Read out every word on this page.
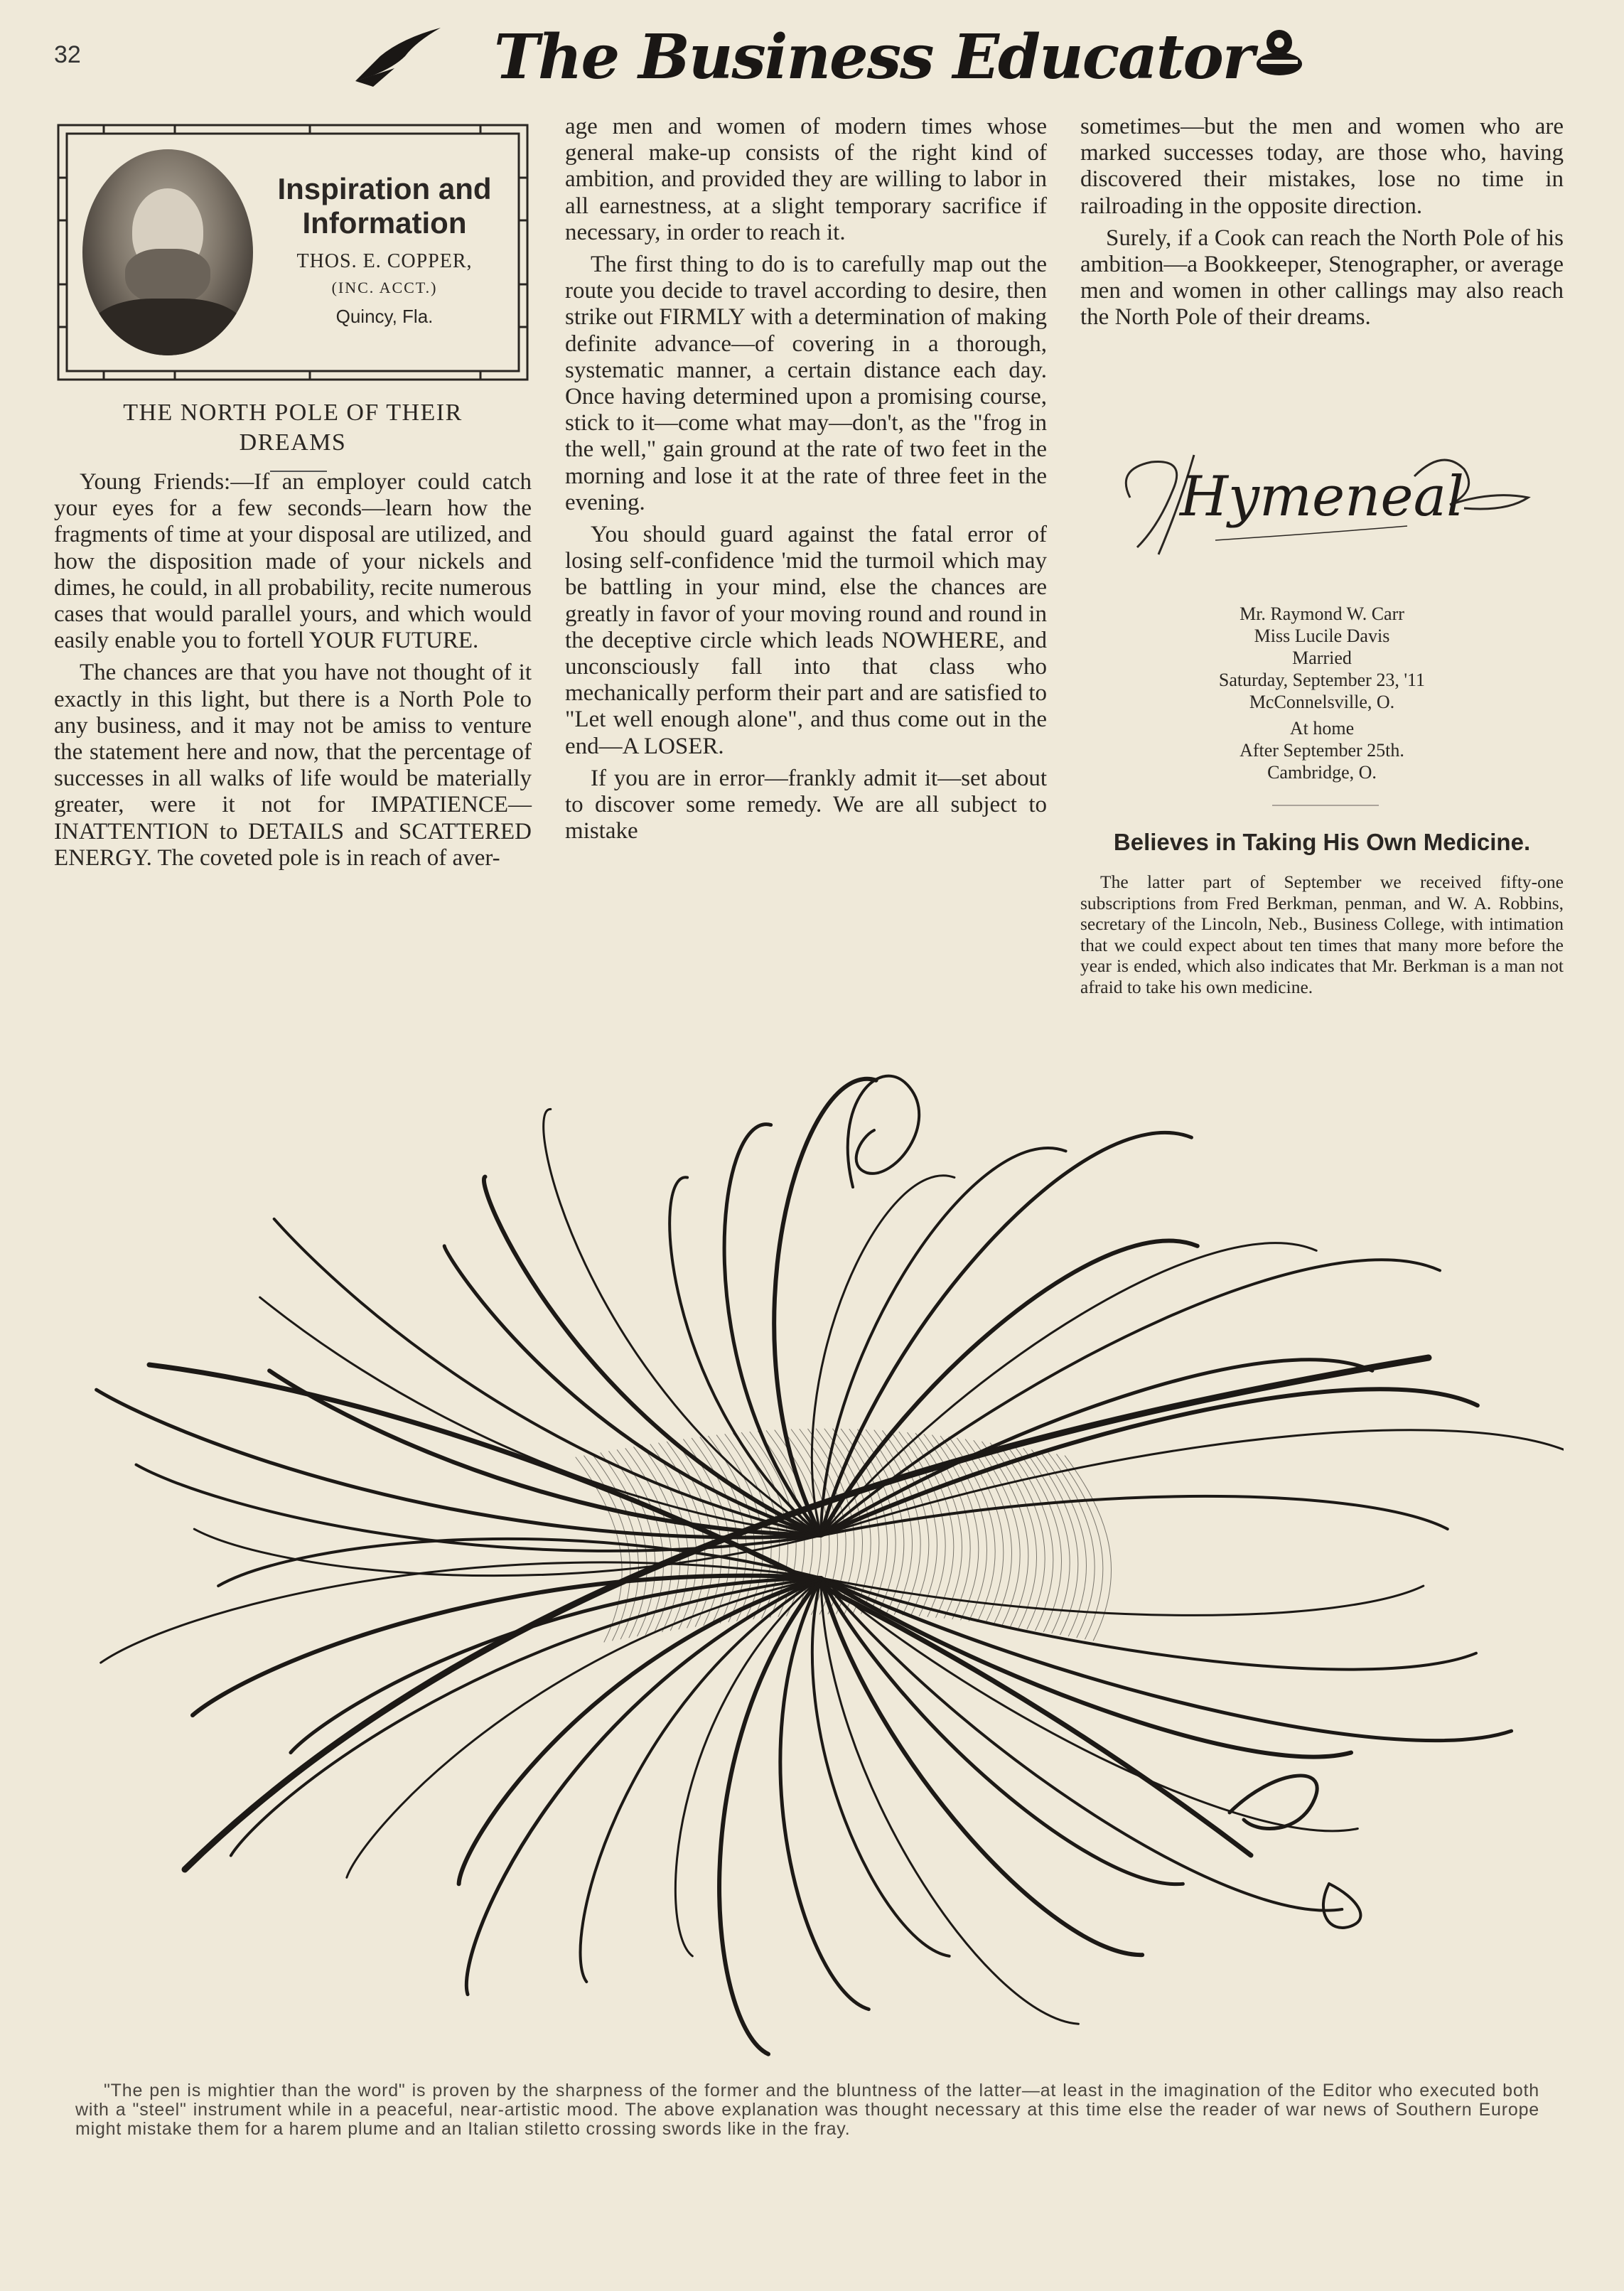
32	The Business Educator
Inspiration and
Information
THOS. E. COPPER,
(INC. ACCT.)
Quincy, Fla.
THE NORTH POLE OF THEIR
DREAMS

Young Friends:—If an employer could catch your eyes for a few seconds—learn how the fragments of time at your disposal are utilized, and how the disposition made of your nickels and dimes, he could, in all probability, recite numerous cases that would parallel yours, and which would easily enable you to fortell YOUR FUTURE.

The chances are that you have not thought of it exactly in this light, but there is a North Pole to any business, and it may not be amiss to venture the statement here and now, that the percentage of successes in all walks of life would be materially greater, were it not for IMPATIENCE—INATTENTION to DETAILS and SCATTERED ENERGY. The coveted pole is in reach of aver-

age men and women of modern times whose general make-up consists of the right kind of ambition, and provided they are willing to labor in all earnestness, at a slight temporary sacrifice if necessary, in order to reach it.

The first thing to do is to carefully map out the route you decide to travel according to desire, then strike out FIRMLY with a determination of making definite advance—of covering in a thorough, systematic manner, a certain distance each day. Once having determined upon a promising course, stick to it—come what may—don't, as the "frog in the well," gain ground at the rate of two feet in the morning and lose it at the rate of three feet in the evening.

You should guard against the fatal error of losing self-confidence 'mid the turmoil which may be battling in your mind, else the chances are greatly in favor of your moving round and round in the deceptive circle which leads NOWHERE, and unconsciously fall into that class who mechanically perform their part and are satisfied to "Let well enough alone", and thus come out in the end—A LOSER.

If you are in error—frankly admit it—set about to discover some remedy. We are all subject to mistake

sometimes—but the men and women who are marked successes today, are those who, having discovered their mistakes, lose no time in railroading in the opposite direction.

Surely, if a Cook can reach the North Pole of his ambition—a Bookkeeper, Stenographer, or average men and women in other callings may also reach the North Pole of their dreams.

Hymeneal
Mr. Raymond W. Carr
Miss Lucile Davis
Married
Saturday, September 23, '11
McConnelsville, O.
At home
After September 25th.
Cambridge, O.
Believes in Taking His Own Medicine.

The latter part of September we received fifty-one subscriptions from Fred Berkman, penman, and W. A. Robbins, secretary of the Lincoln, Neb., Business College, with intimation that we could expect about ten times that many more before the year is ended, which also indicates that Mr. Berkman is a man not afraid to take his own medicine.

"The pen is mightier than the word" is proven by the sharpness of the former and the bluntness of the latter—at least in the imagination of the Editor who executed both with a "steel" instrument while in a peaceful, near-artistic mood. The above explanation was thought necessary at this time else the reader of war news of Southern Europe might mistake them for a harem plume and an Italian stiletto crossing swords like in the fray.
